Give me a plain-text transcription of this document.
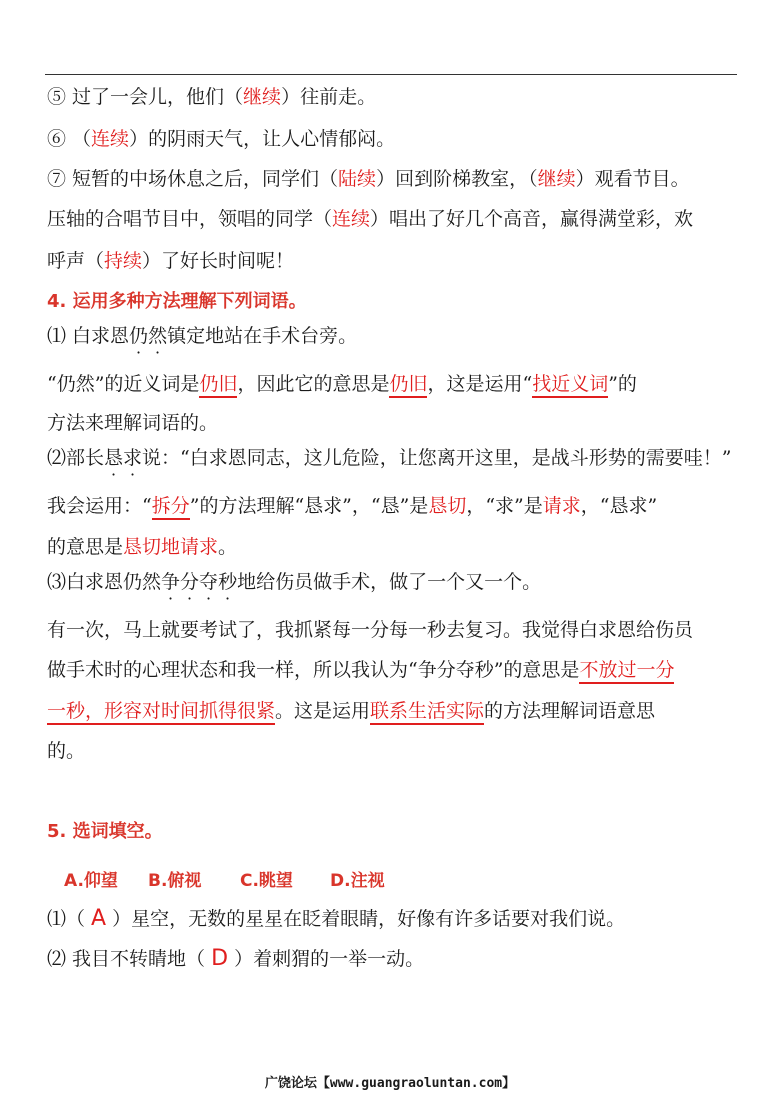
⑤ 过了一会儿，他们（继续）往前走。
⑥ （连续）的阴雨天气，让人心情郁闷。
⑦ 短暂的中场休息之后，同学们（陆续）回到阶梯教室，（继续）观看节目。
压轴的合唱节目中，领唱的同学（连续）唱出了好几个高音，赢得满堂彩，欢
呼声（持续）了好长时间呢！
4. 运用多种方法理解下列词语。
⑴ 白求恩仍然镇定地站在手术台旁。
“仍然”的近义词是仍旧，因此它的意思是仍旧，这是运用“找近义词”的
方法来理解词语的。
⑵部长恳求说：“白求恩同志，这儿危险，让您离开这里，是战斗形势的需要哇！”
我会运用：“拆分”的方法理解“恳求”，“恳”是恳切，“求”是请求，“恳求”
的意思是恳切地请求。
⑶白求恩仍然争分夺秒地给伤员做手术，做了一个又一个。
有一次，马上就要考试了，我抓紧每一分每一秒去复习。我觉得白求恩给伤员
做手术时的心理状态和我一样，所以我认为“争分夺秒”的意思是不放过一分
一秒，形容对时间抓得很紧。这是运用联系生活实际的方法理解词语意思
的。
5. 选词填空。
A.仰望 B.俯视 C.眺望 D.注视
⑴（ A ）星空，无数的星星在眨着眼睛，好像有许多话要对我们说。
⑵ 我目不转睛地（ D ）着刺猬的一举一动。
广饶论坛【www.guangraoluntan.com】
